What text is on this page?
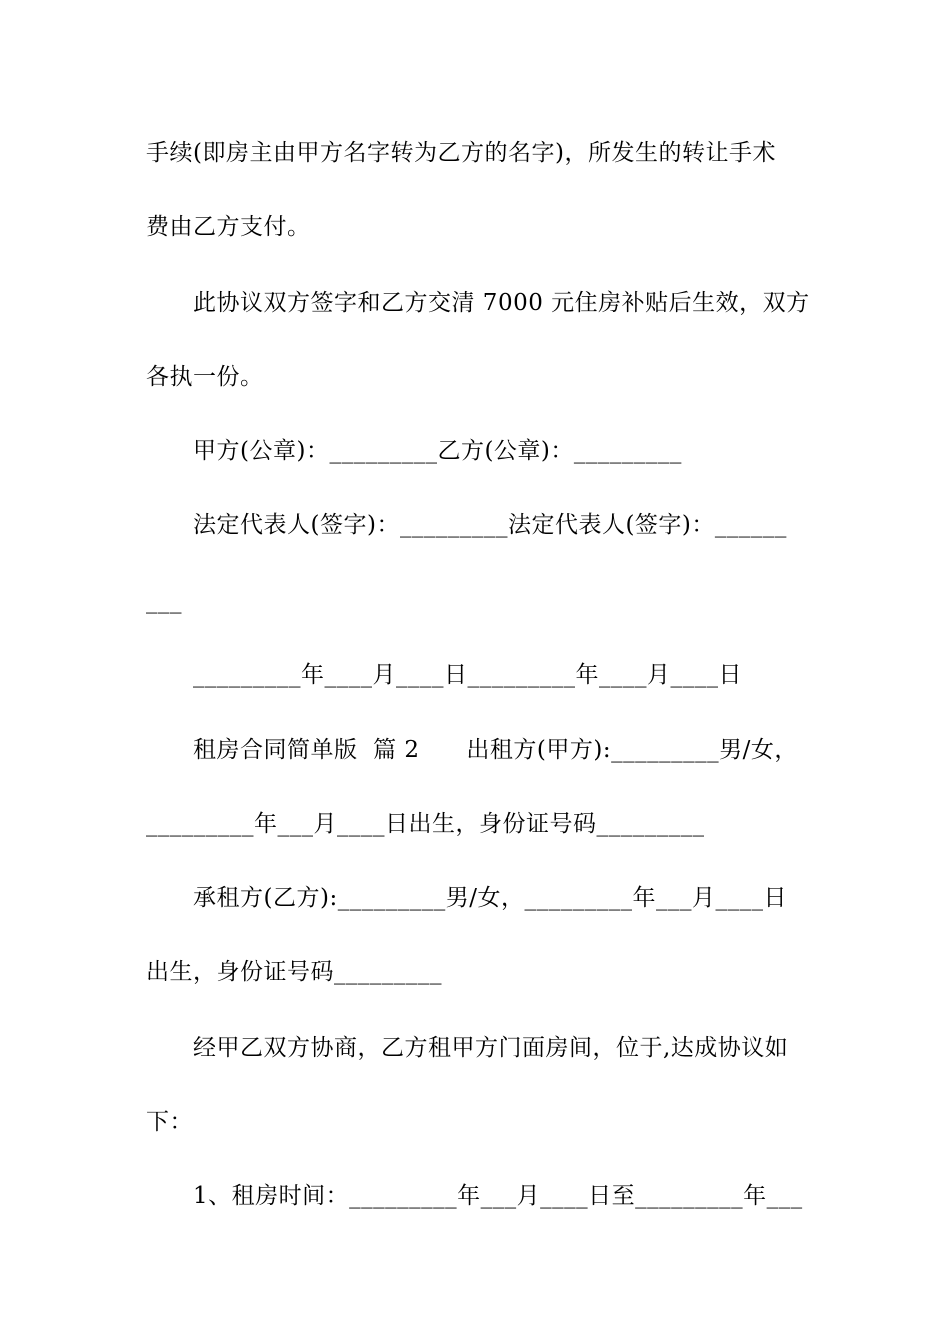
手续(即房主由甲方名字转为乙方的名字)，所发生的转让手术
费由乙方支付。
此协议双方签字和乙方交清 7000 元住房补贴后生效，双方
各执一份。
甲方(公章)：_________乙方(公章)：_________
法定代表人(签字)：_________法定代表人(签字)：______
___
_________年____月____日_________年____月____日
租房合同简单版  篇 2      出租方(甲方):_________男/女，
_________年___月____日出生，身份证号码_________
承租方(乙方):_________男/女，_________年___月____日
出生，身份证号码_________
经甲乙双方协商，乙方租甲方门面房间，位于,达成协议如
下：
1、租房时间：_________年___月____日至_________年___
